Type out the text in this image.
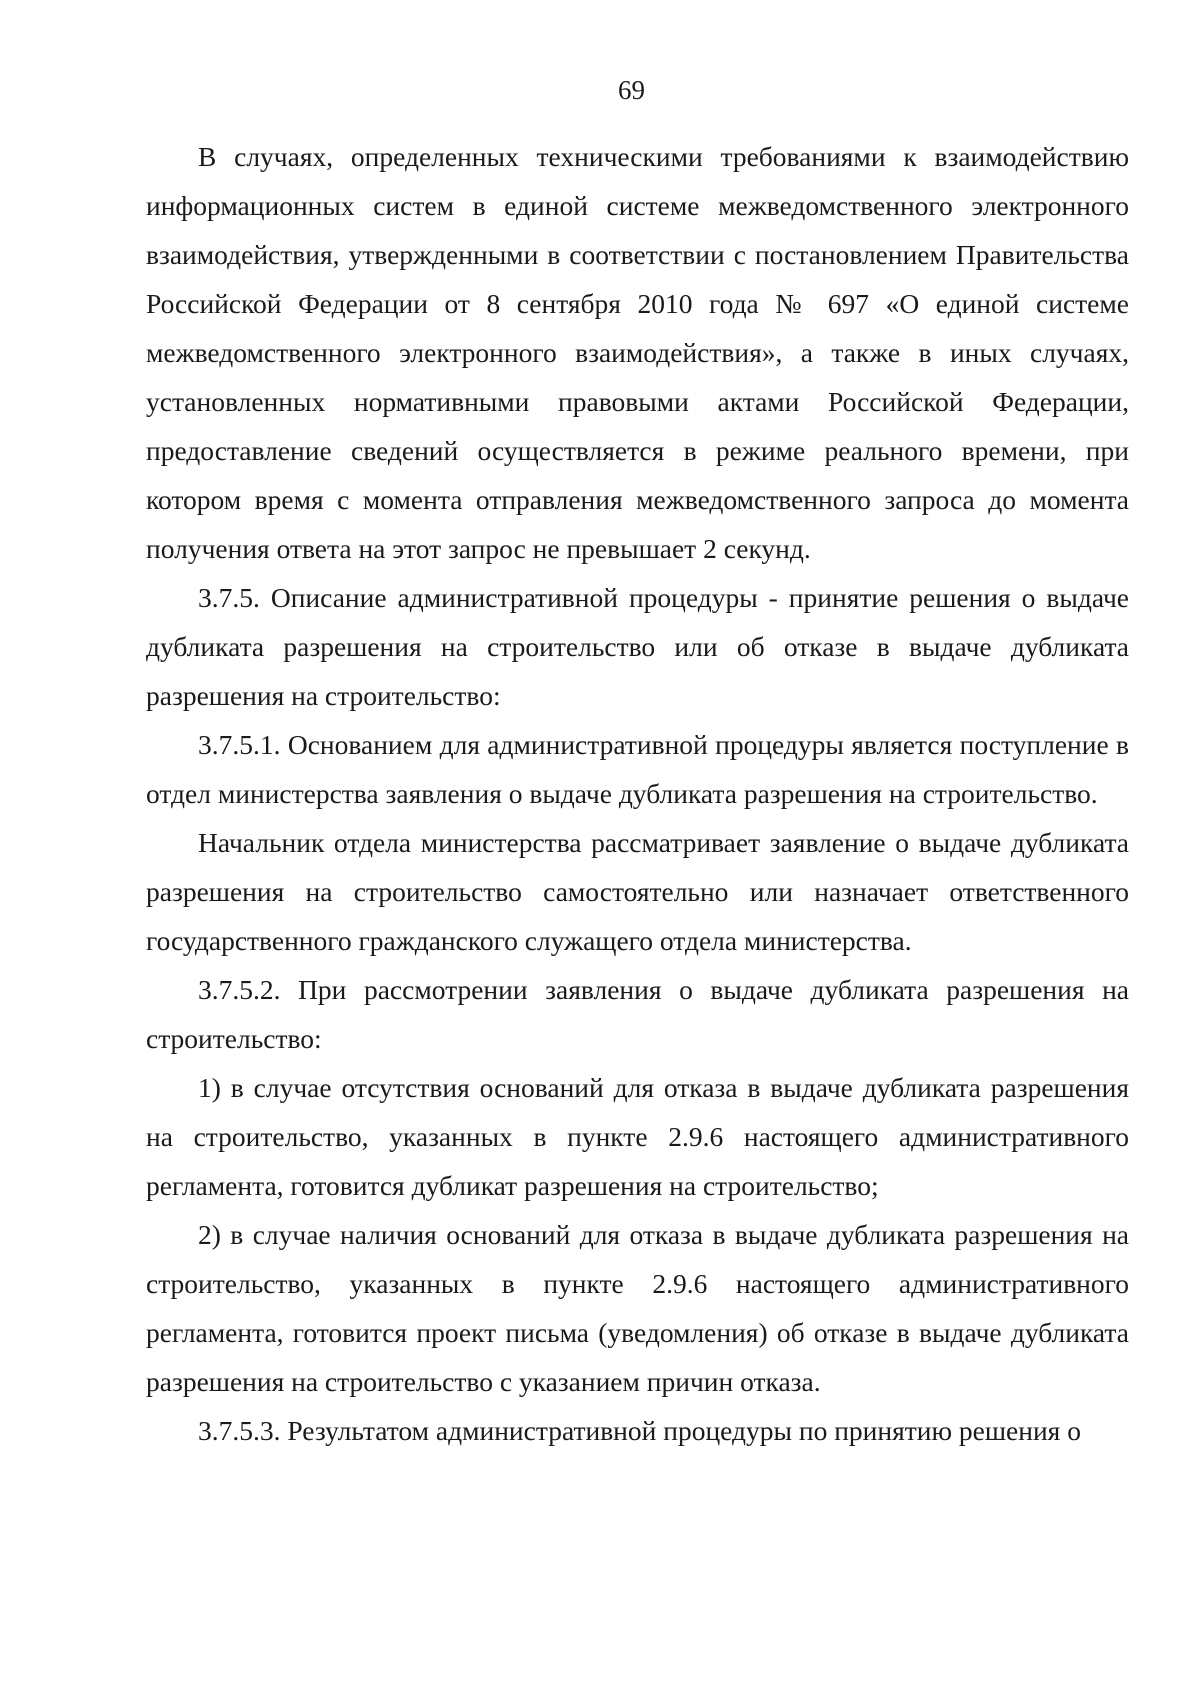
69

В случаях, определенных техническими требованиями к взаимодействию информационных систем в единой системе межведомственного электронного взаимодействия, утвержденными в соответствии с постановлением Правительства Российской Федерации от 8 сентября 2010 года № 697 «О единой системе межведомственного электронного взаимодействия», а также в иных случаях, установленных нормативными правовыми актами Российской Федерации, предоставление сведений осуществляется в режиме реального времени, при котором время с момента отправления межведомственного запроса до момента получения ответа на этот запрос не превышает 2 секунд.

3.7.5. Описание административной процедуры - принятие решения о выдаче дубликата разрешения на строительство или об отказе в выдаче дубликата разрешения на строительство:

3.7.5.1. Основанием для административной процедуры является поступление в отдел министерства заявления о выдаче дубликата разрешения на строительство.

Начальник отдела министерства рассматривает заявление о выдаче дубликата разрешения на строительство самостоятельно или назначает ответственного государственного гражданского служащего отдела министерства.

3.7.5.2. При рассмотрении заявления о выдаче дубликата разрешения на строительство:

1) в случае отсутствия оснований для отказа в выдаче дубликата разрешения на строительство, указанных в пункте 2.9.6 настоящего административного регламента, готовится дубликат разрешения на строительство;

2) в случае наличия оснований для отказа в выдаче дубликата разрешения на строительство, указанных в пункте 2.9.6 настоящего административного регламента, готовится проект письма (уведомления) об отказе в выдаче дубликата разрешения на строительство с указанием причин отказа.

3.7.5.3. Результатом административной процедуры по принятию решения о
